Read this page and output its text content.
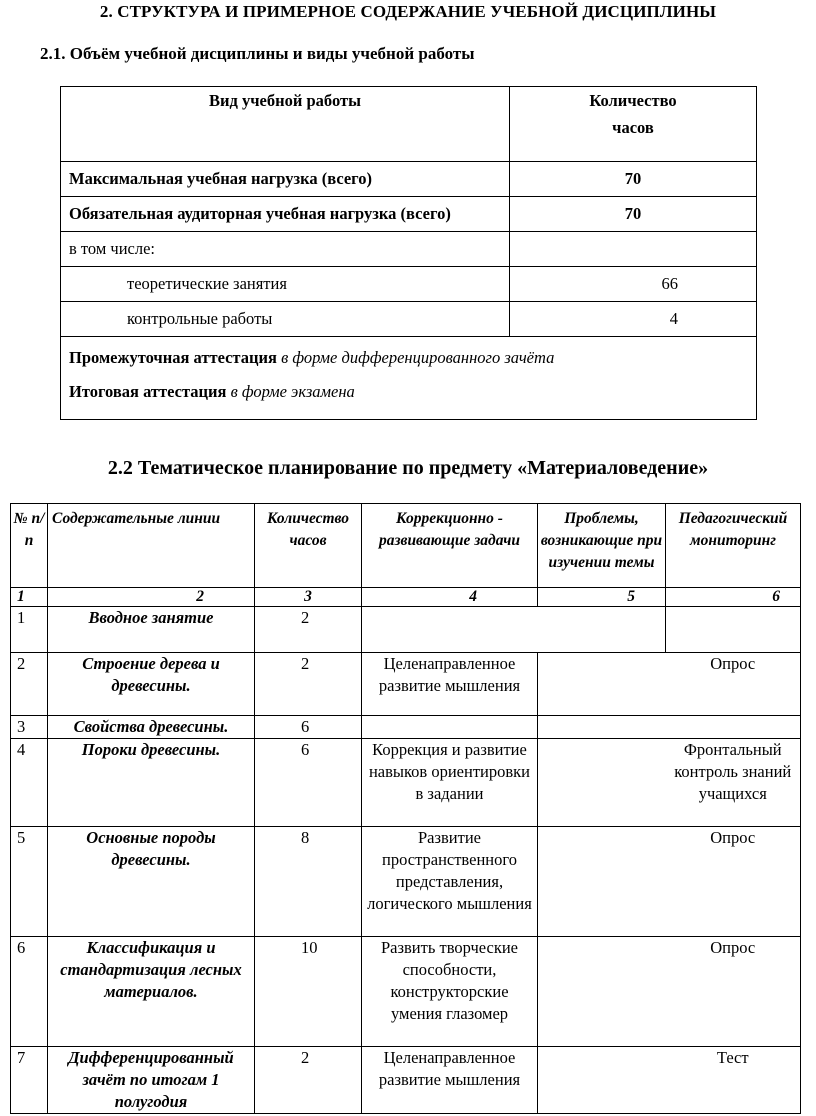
2. СТРУКТУРА И ПРИМЕРНОЕ СОДЕРЖАНИЕ УЧЕБНОЙ ДИСЦИПЛИНЫ
2.1. Объём учебной дисциплины и виды учебной работы
Вид учебной работы	Количество
часов

Максимальная учебная нагрузка (всего)	70
Обязательная аудиторная учебная нагрузка (всего)	70
в том числе:	
теоретические занятия	66
контрольные работы	4

Промежуточная аттестация в форме дифференцированного зачёта
Итоговая аттестация в форме экзамена	
2.2 Тематическое планирование по предмету «Материаловедение»
№ п/п	Содержательные линии	Количество часов	Коррекционно - развивающие задачи	Проблемы, возникающие при изучении темы	Педагогический мониторинг
1	2	3	4	5	6
1	Вводное занятие	2			
2	Строение дерева и древесины.	2	Целенаправленное развитие мышления		Опрос
3	Свойства древесины.	6			
4	Пороки древесины.	6	Коррекция и развитие навыков ориентировки в задании		Фронтальный контроль знаний учащихся
5	Основные породы древесины.	8	Развитие пространственного представления, логического мышления		Опрос
6	Классификация и стандартизация лесных материалов.	10	Развить творческие способности, конструкторские умения глазомер		Опрос
7	Дифференцированный зачёт по итогам 1 полугодия	2	Целенаправленное развитие мышления		Тест
